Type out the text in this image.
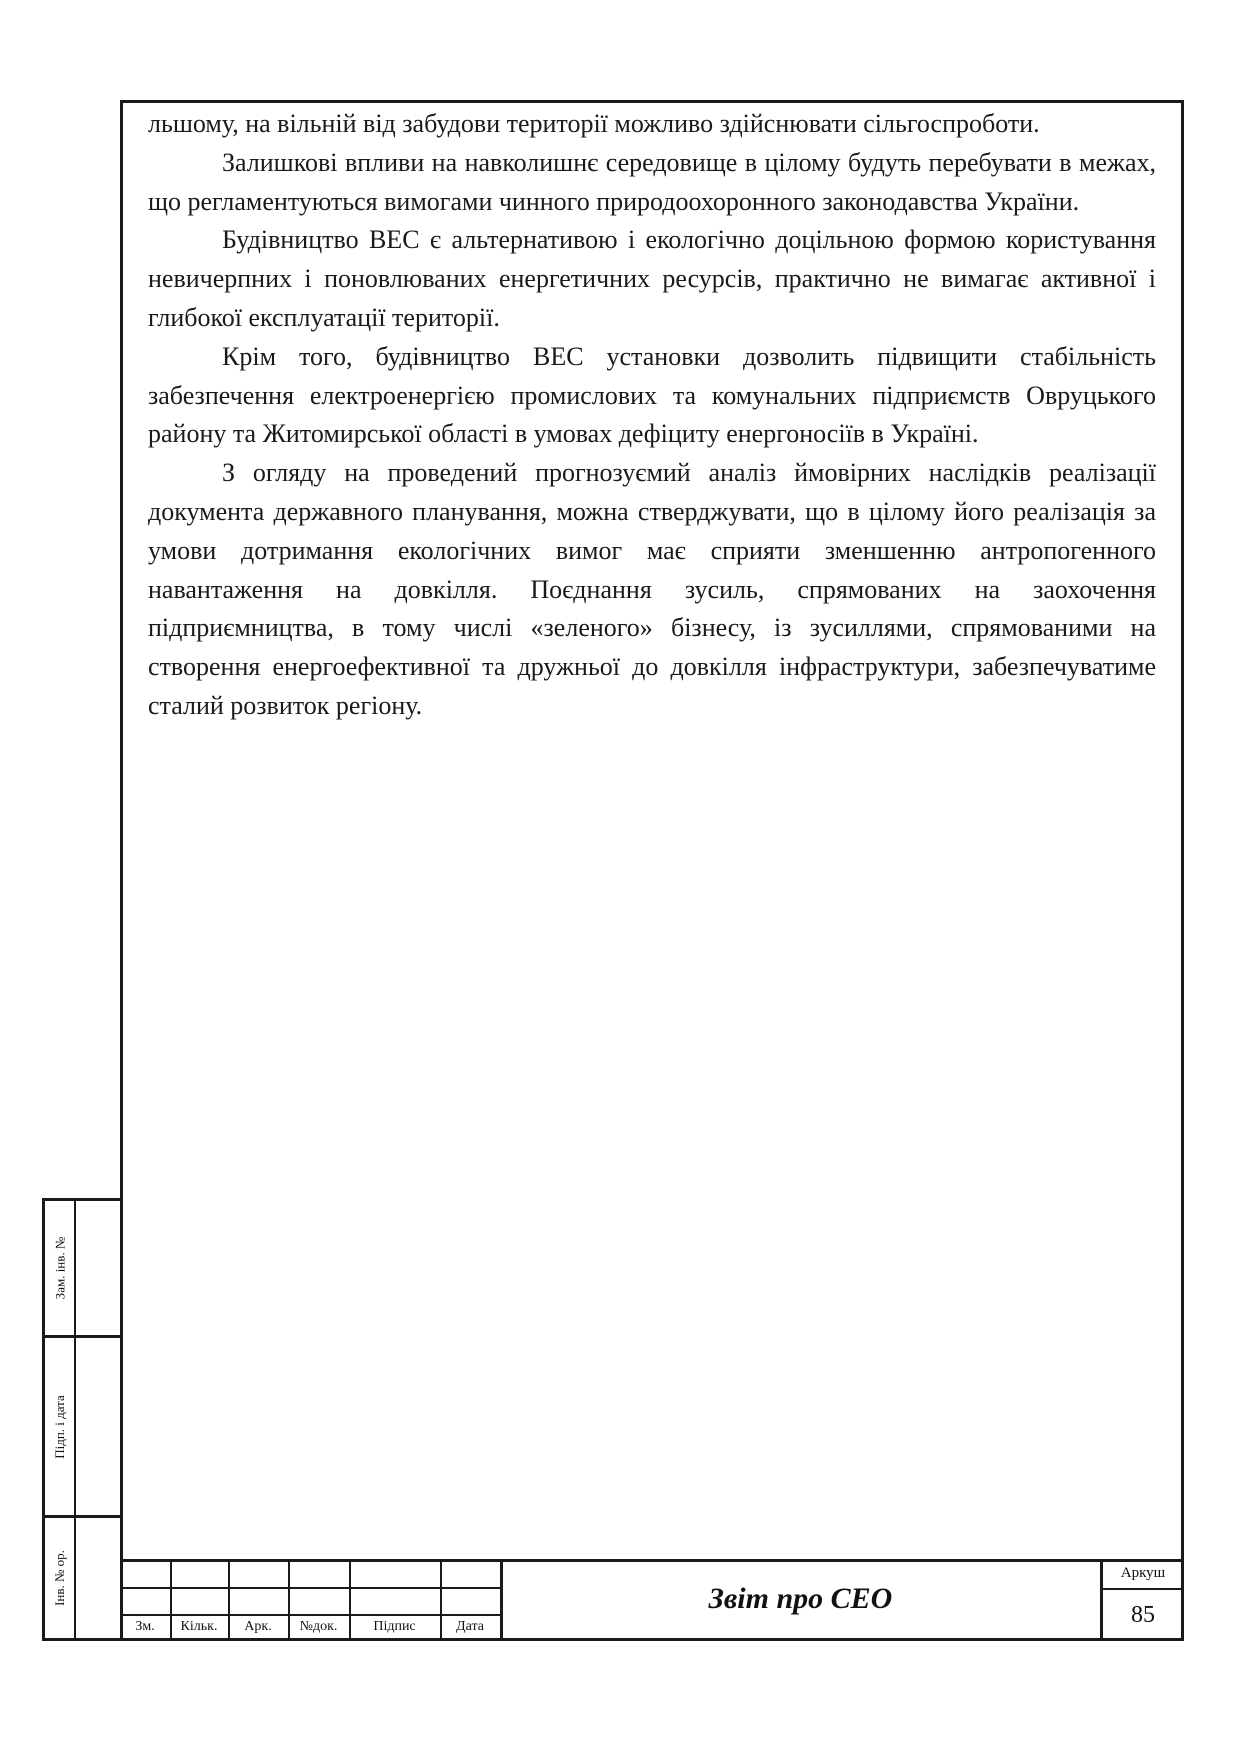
льшому, на вільній від забудови території можливо здійснювати сільгоспроботи.

Залишкові впливи на навколишнє середовище в цілому будуть перебувати в межах, що регламентуються вимогами чинного природоохоронного законодавства України.

Будівництво ВЕС є альтернативою і екологічно доцільною формою користування невичерпних і поновлюваних енергетичних ресурсів, практично не вимагає активної і глибокої експлуатації території.

Крім того, будівництво ВЕС установки дозволить підвищити стабільність забезпечення електроенергією промислових та комунальних підприємств Овруцького району та Житомирської області в умовах дефіциту енергоносіїв в Україні.

З огляду на проведений прогнозуємий аналіз ймовірних наслідків реалізації документа державного планування, можна стверджувати, що в цілому його реалізація за умови дотримання екологічних вимог має сприяти зменшенню антропогенного навантаження на довкілля. Поєднання зусиль, спрямованих на заохочення підприємництва, в тому числі «зеленого» бізнесу, із зусиллями, спрямованими на створення енергоефективної та дружньої до довкілля інфраструктури, забезпечуватиме сталий розвиток регіону.

Зам. інв. №
Підп. і дата
Інв. № ор.
Зм.	Кільк.	Арк.	№док.	Підпис	Дата
Звіт про СЕО
Аркуш
85
